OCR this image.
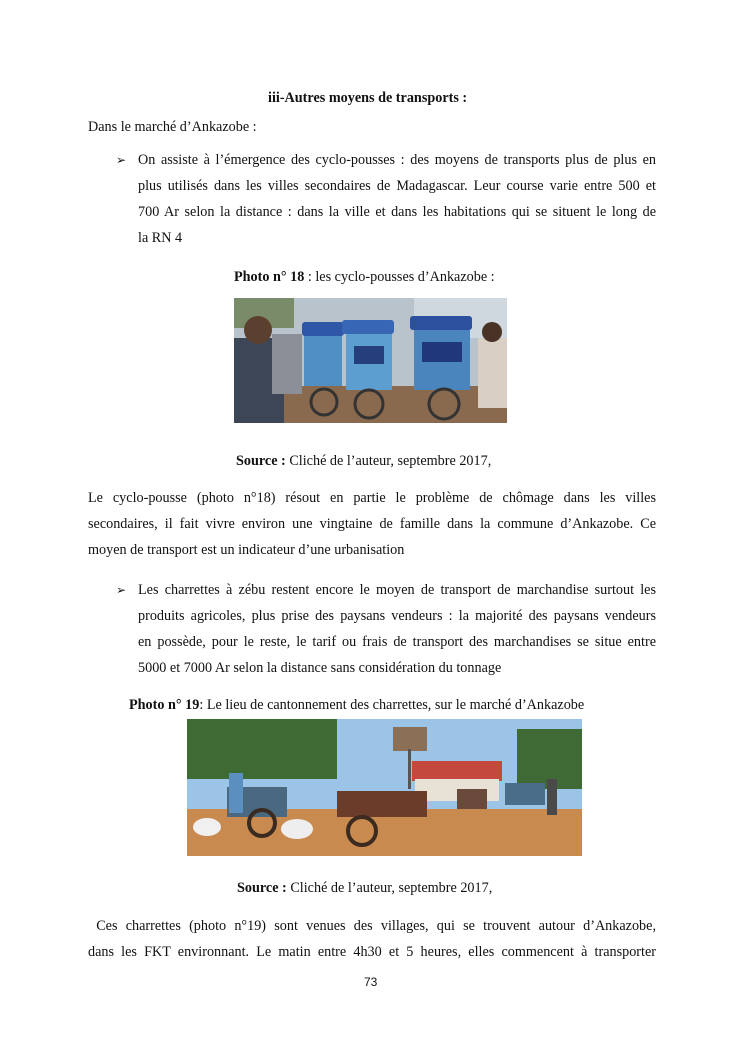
iii-Autres moyens de transports :
Dans le marché d’Ankazobe :
➢ On assiste à l’émergence des cyclo-pousses : des moyens de transports plus de plus en
plus utilisés dans les villes secondaires de Madagascar. Leur course varie entre 500 et
700 Ar selon la distance : dans la ville et dans les habitations qui se situent le long de
la RN 4
Photo n° 18 : les cyclo-pousses d’Ankazobe :
Source : Cliché de l’auteur, septembre 2017,
Le cyclo-pousse (photo n°18) résout en partie le problème de chômage dans les villes
secondaires, il fait vivre environ une vingtaine de famille dans la commune d’Ankazobe. Ce
moyen de transport est un indicateur d’une urbanisation
➢ Les charrettes à zébu restent encore le moyen de transport de marchandise surtout les
produits agricoles, plus prise des paysans vendeurs : la majorité des paysans vendeurs
en possède, pour le reste, le tarif ou frais de transport des marchandises se situe entre
5000 et 7000 Ar selon la distance sans considération du tonnage
Photo n° 19: Le lieu de cantonnement des charrettes, sur le marché d’Ankazobe
Source : Cliché de l’auteur, septembre 2017,
Ces charrettes (photo n°19) sont venues des villages, qui se trouvent autour d’Ankazobe,
dans les FKT environnant. Le matin entre 4h30 et 5 heures, elles commencent à transporter
73
